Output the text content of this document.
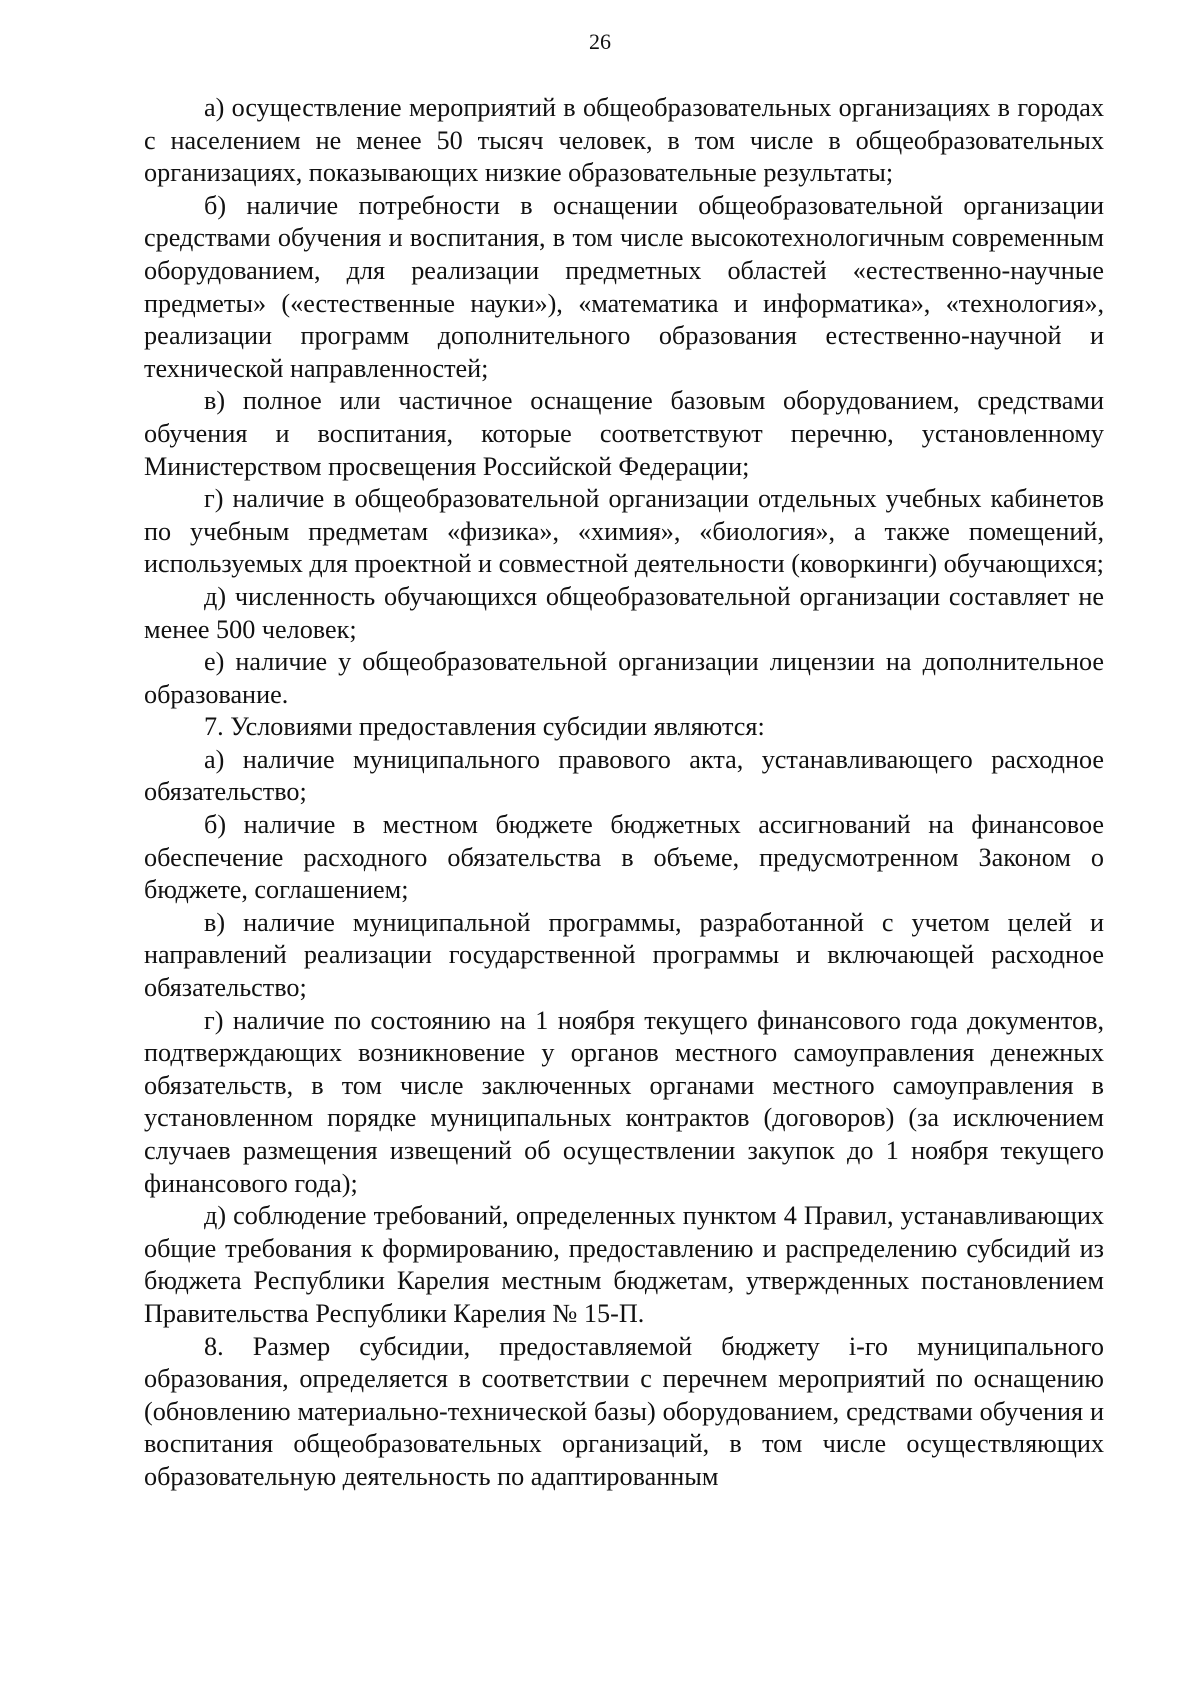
26

а) осуществление мероприятий в общеобразовательных организациях в городах с населением не менее 50 тысяч человек, в том числе в общеобразовательных организациях, показывающих низкие образовательные результаты;

б) наличие потребности в оснащении общеобразовательной организации средствами обучения и воспитания, в том числе высокотехнологичным современным оборудованием, для реализации предметных областей «естественно-научные предметы» («естественные науки»), «математика и информатика», «технология», реализации программ дополнительного образования естественно-научной и технической направленностей;

в) полное или частичное оснащение базовым оборудованием, средствами обучения и воспитания, которые соответствуют перечню, установленному Министерством просвещения Российской Федерации;

г) наличие в общеобразовательной организации отдельных учебных кабинетов по учебным предметам «физика», «химия», «биология», а также помещений, используемых для проектной и совместной деятельности (коворкинги) обучающихся;

д) численность обучающихся общеобразовательной организации составляет не менее 500 человек;

е) наличие у общеобразовательной организации лицензии на дополнительное образование.

7. Условиями предоставления субсидии являются:

а) наличие муниципального правового акта, устанавливающего расходное обязательство;

б) наличие в местном бюджете бюджетных ассигнований на финансовое обеспечение расходного обязательства в объеме, предусмотренном Законом о бюджете, соглашением;

в) наличие муниципальной программы, разработанной с учетом целей и направлений реализации государственной программы и включающей расходное обязательство;

г) наличие по состоянию на 1 ноября текущего финансового года документов, подтверждающих возникновение у органов местного самоуправления денежных обязательств, в том числе заключенных органами местного самоуправления в установленном порядке муниципальных контрактов (договоров) (за исключением случаев размещения извещений об осуществлении закупок до 1 ноября текущего финансового года);

д) соблюдение требований, определенных пунктом 4 Правил, устанавливающих общие требования к формированию, предоставлению и распределению субсидий из бюджета Республики Карелия местным бюджетам, утвержденных постановлением Правительства Республики Карелия № 15-П.

8. Размер субсидии, предоставляемой бюджету i-го муниципального образования, определяется в соответствии с перечнем мероприятий по оснащению (обновлению материально-технической базы) оборудованием, средствами обучения и воспитания общеобразовательных организаций, в том числе осуществляющих образовательную деятельность по адаптированным
